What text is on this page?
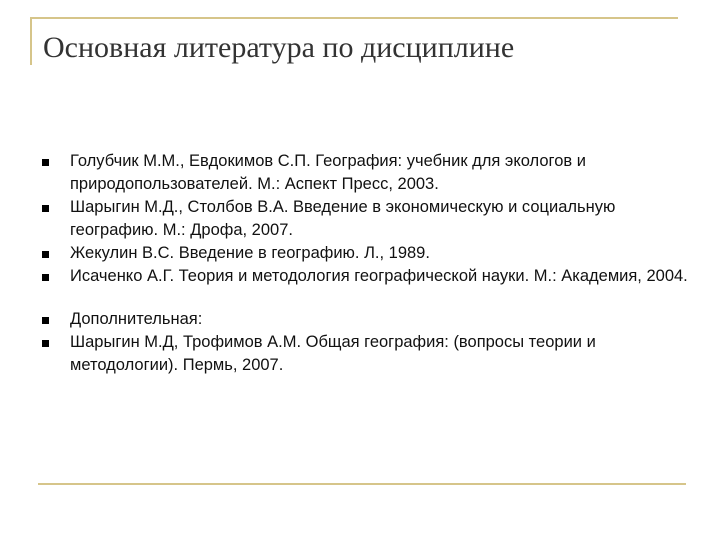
Основная литература по дисциплине
Голубчик М.М., Евдокимов С.П. География: учебник для экологов и природопользователей. М.: Аспект Пресс, 2003.
Шарыгин М.Д., Столбов В.А. Введение в экономическую и социальную географию. М.: Дрофа, 2007.
Жекулин В.С. Введение в географию. Л., 1989.
Исаченко А.Г. Теория и методология географической науки. М.: Академия, 2004.
Дополнительная:
Шарыгин М.Д, Трофимов А.М. Общая география: (вопросы теории и методологии). Пермь, 2007.
